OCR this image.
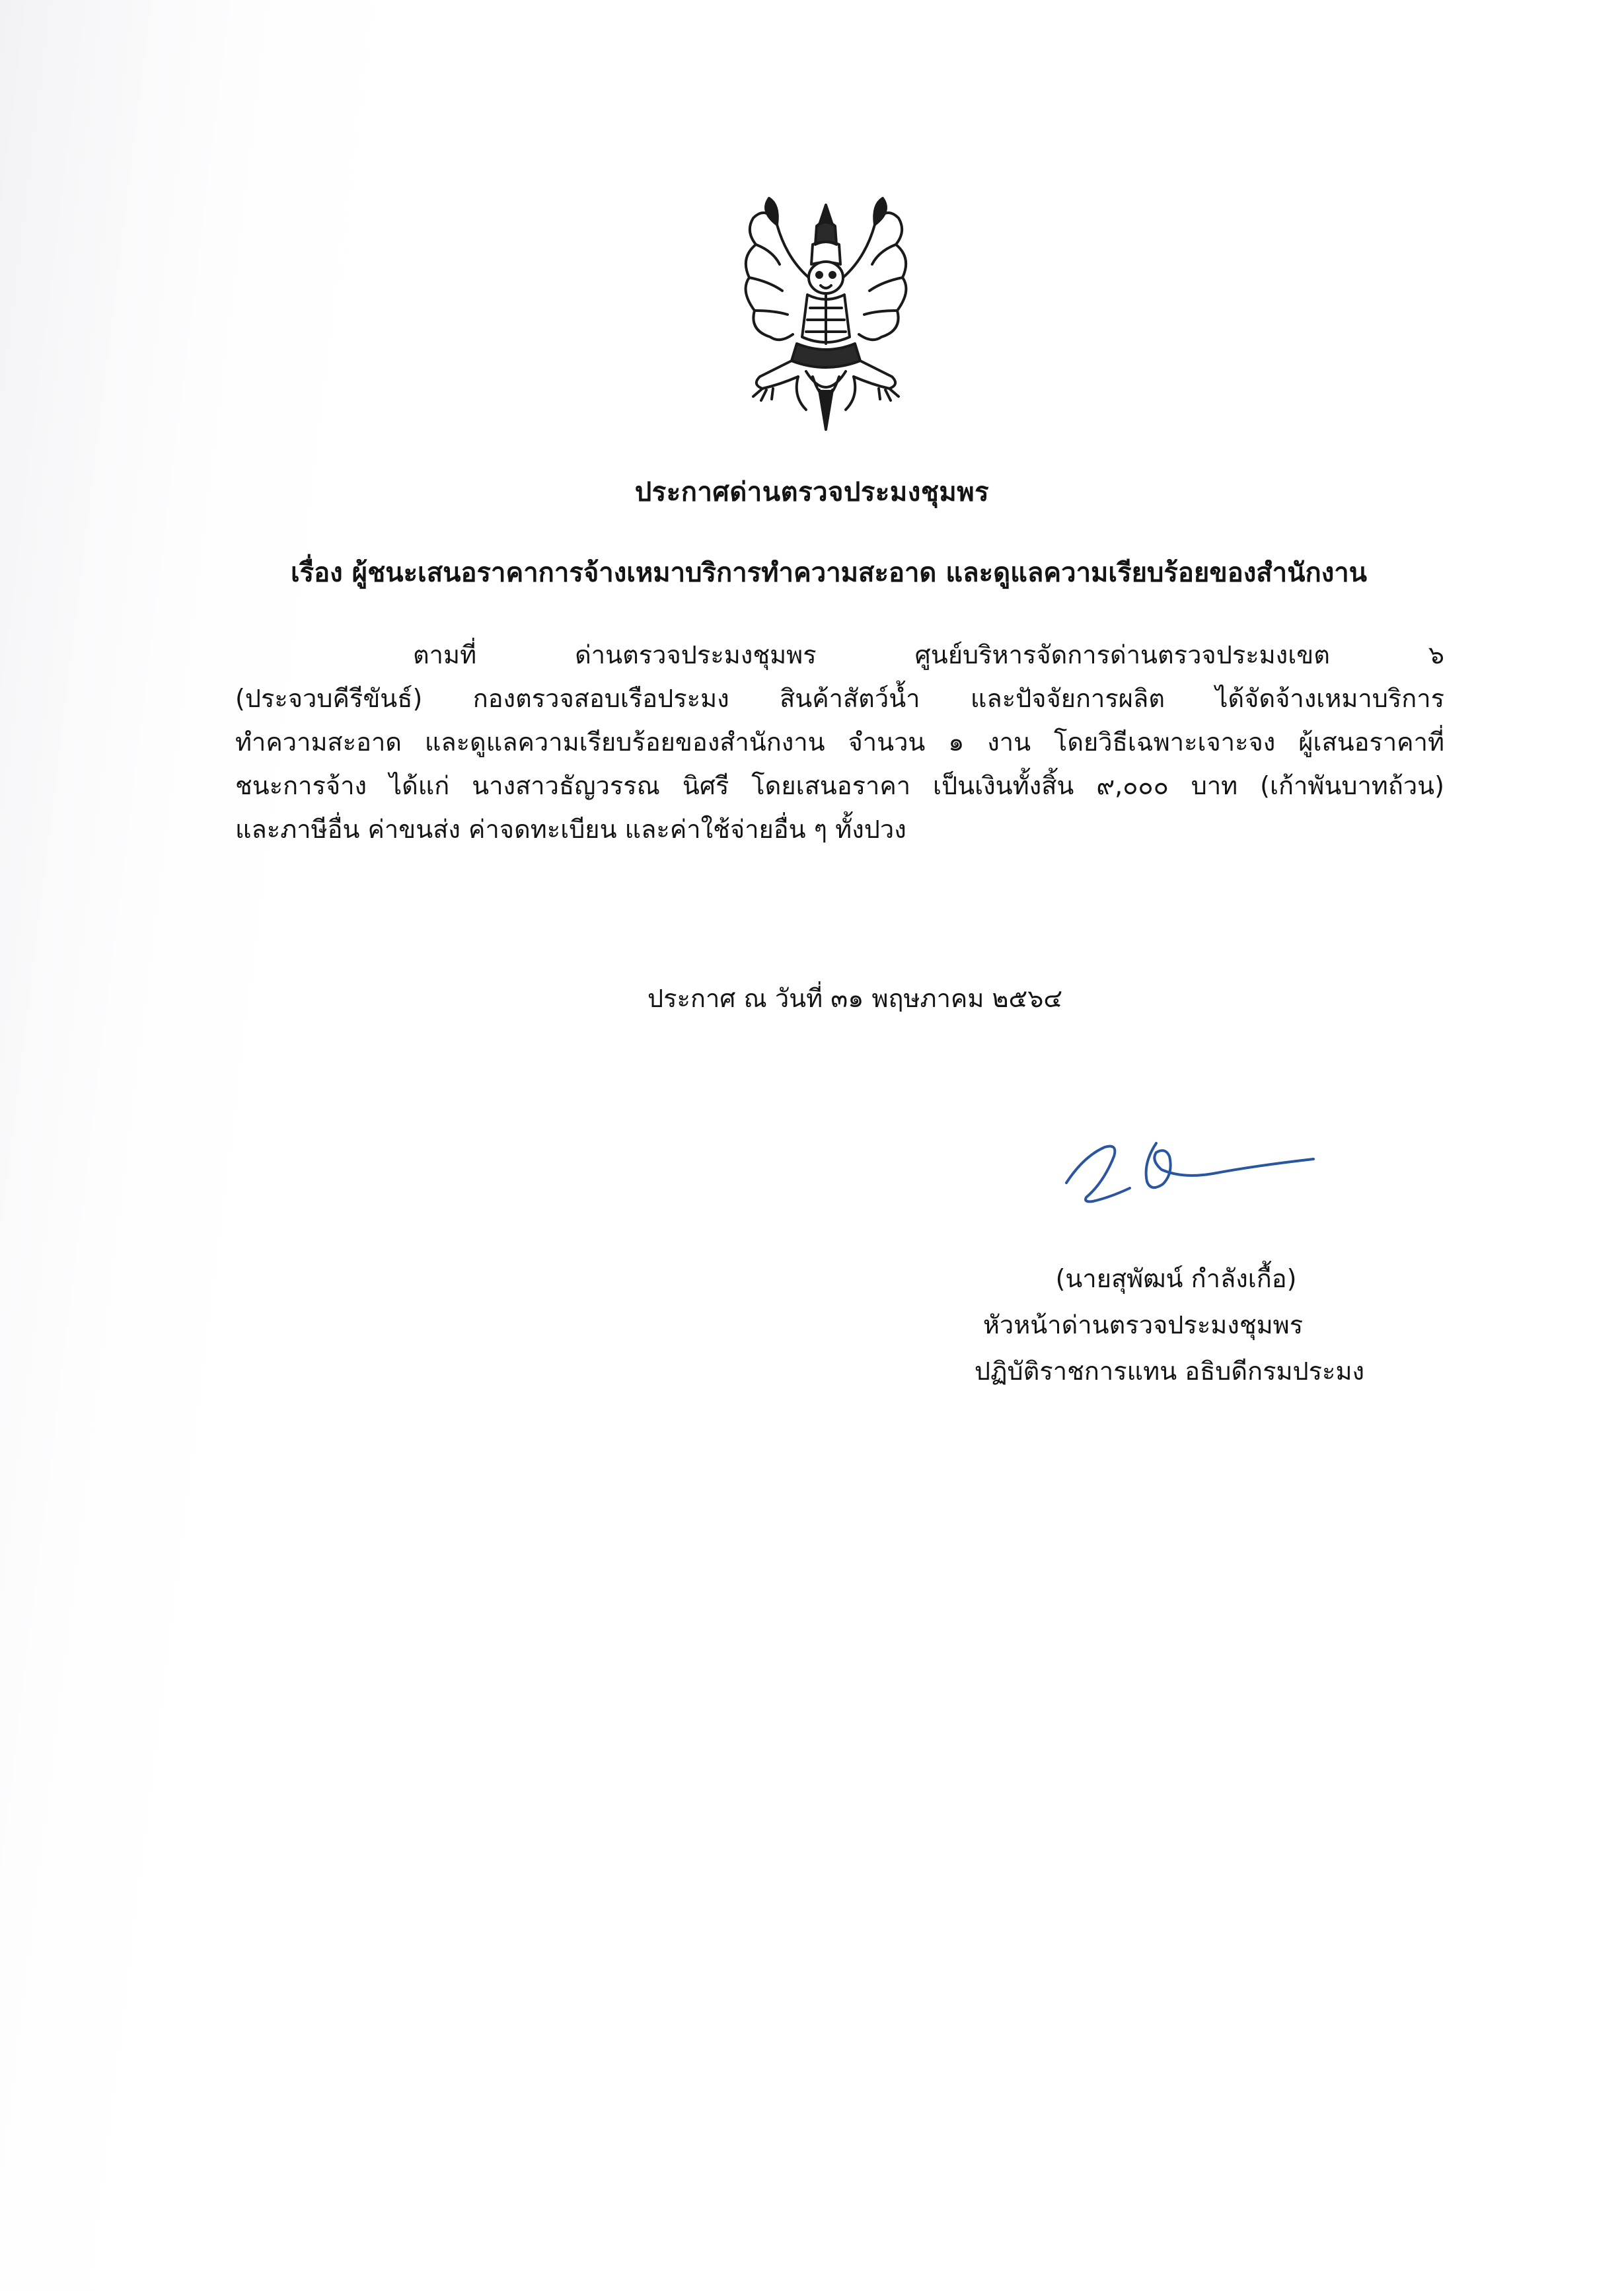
ประกาศด่านตรวจประมงชุมพร
เรื่อง ผู้ชนะเสนอราคาการจ้างเหมาบริการทำความสะอาด และดูแลความเรียบร้อยของสำนักงาน
ตามที่ ด่านตรวจประมงชุมพร ศูนย์บริหารจัดการด่านตรวจประมงเขต ๖
(ประจวบคีรีขันธ์) กองตรวจสอบเรือประมง สินค้าสัตว์น้ำ และปัจจัยการผลิต ได้จัดจ้างเหมาบริการ
ทำความสะอาด และดูแลความเรียบร้อยของสำนักงาน จำนวน ๑ งาน โดยวิธีเฉพาะเจาะจง ผู้เสนอราคาที่
ชนะการจ้าง ได้แก่ นางสาวธัญวรรณ นิศรี โดยเสนอราคา เป็นเงินทั้งสิ้น ๙,๐๐๐ บาท (เก้าพันบาทถ้วน)
และภาษีอื่น ค่าขนส่ง ค่าจดทะเบียน และค่าใช้จ่ายอื่น ๆ ทั้งปวง
ประกาศ ณ วันที่ ๓๑ พฤษภาคม ๒๕๖๔
(นายสุพัฒน์ กำลังเกื้อ)
หัวหน้าด่านตรวจประมงชุมพร
ปฏิบัติราชการแทน อธิบดีกรมประมง
